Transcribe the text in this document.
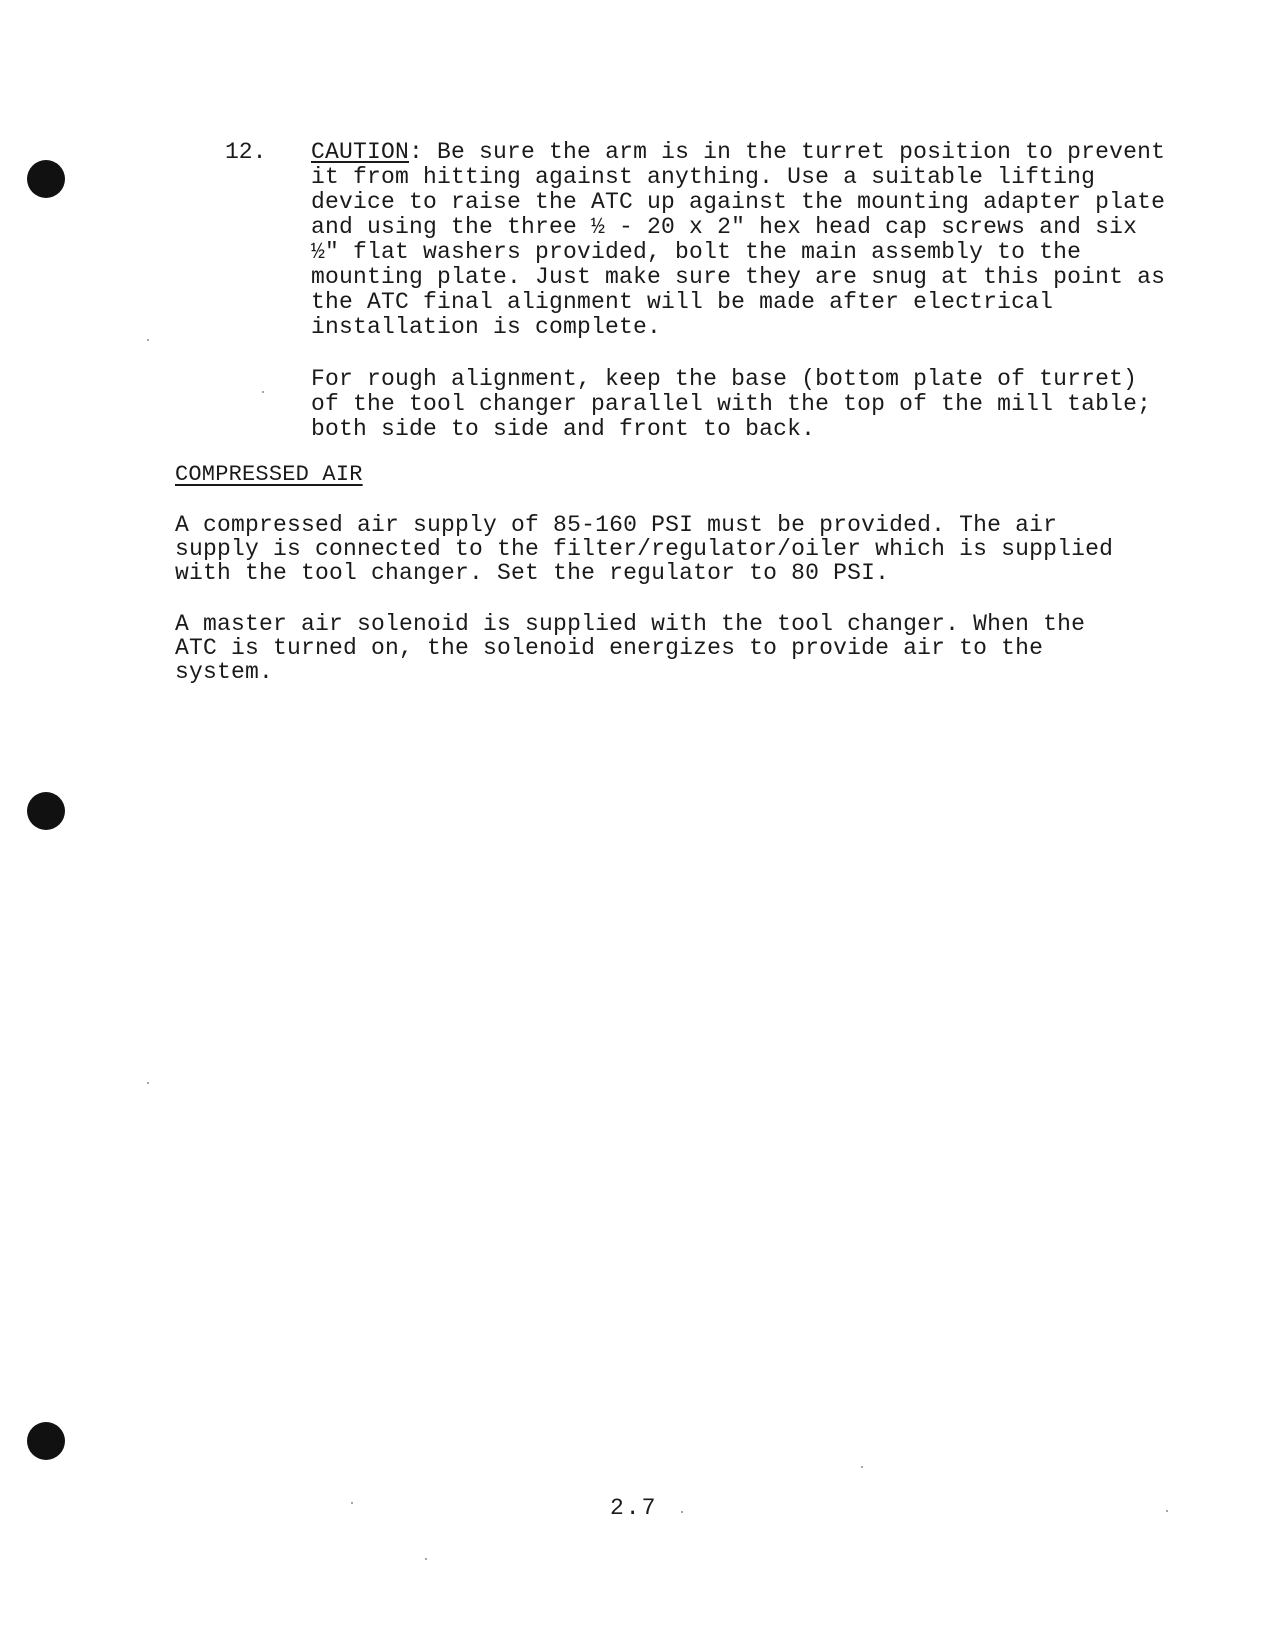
12. CAUTION: Be sure the arm is in the turret position to prevent it from hitting against anything. Use a suitable lifting device to raise the ATC up against the mounting adapter plate and using the three ½ - 20 x 2" hex head cap screws and six ½" flat washers provided, bolt the main assembly to the mounting plate. Just make sure they are snug at this point as the ATC final alignment will be made after electrical installation is complete.
For rough alignment, keep the base (bottom plate of turret) of the tool changer parallel with the top of the mill table; both side to side and front to back.
COMPRESSED AIR
A compressed air supply of 85-160 PSI must be provided. The air supply is connected to the filter/regulator/oiler which is supplied with the tool changer. Set the regulator to 80 PSI.
A master air solenoid is supplied with the tool changer. When the ATC is turned on, the solenoid energizes to provide air to the system.
2.7
